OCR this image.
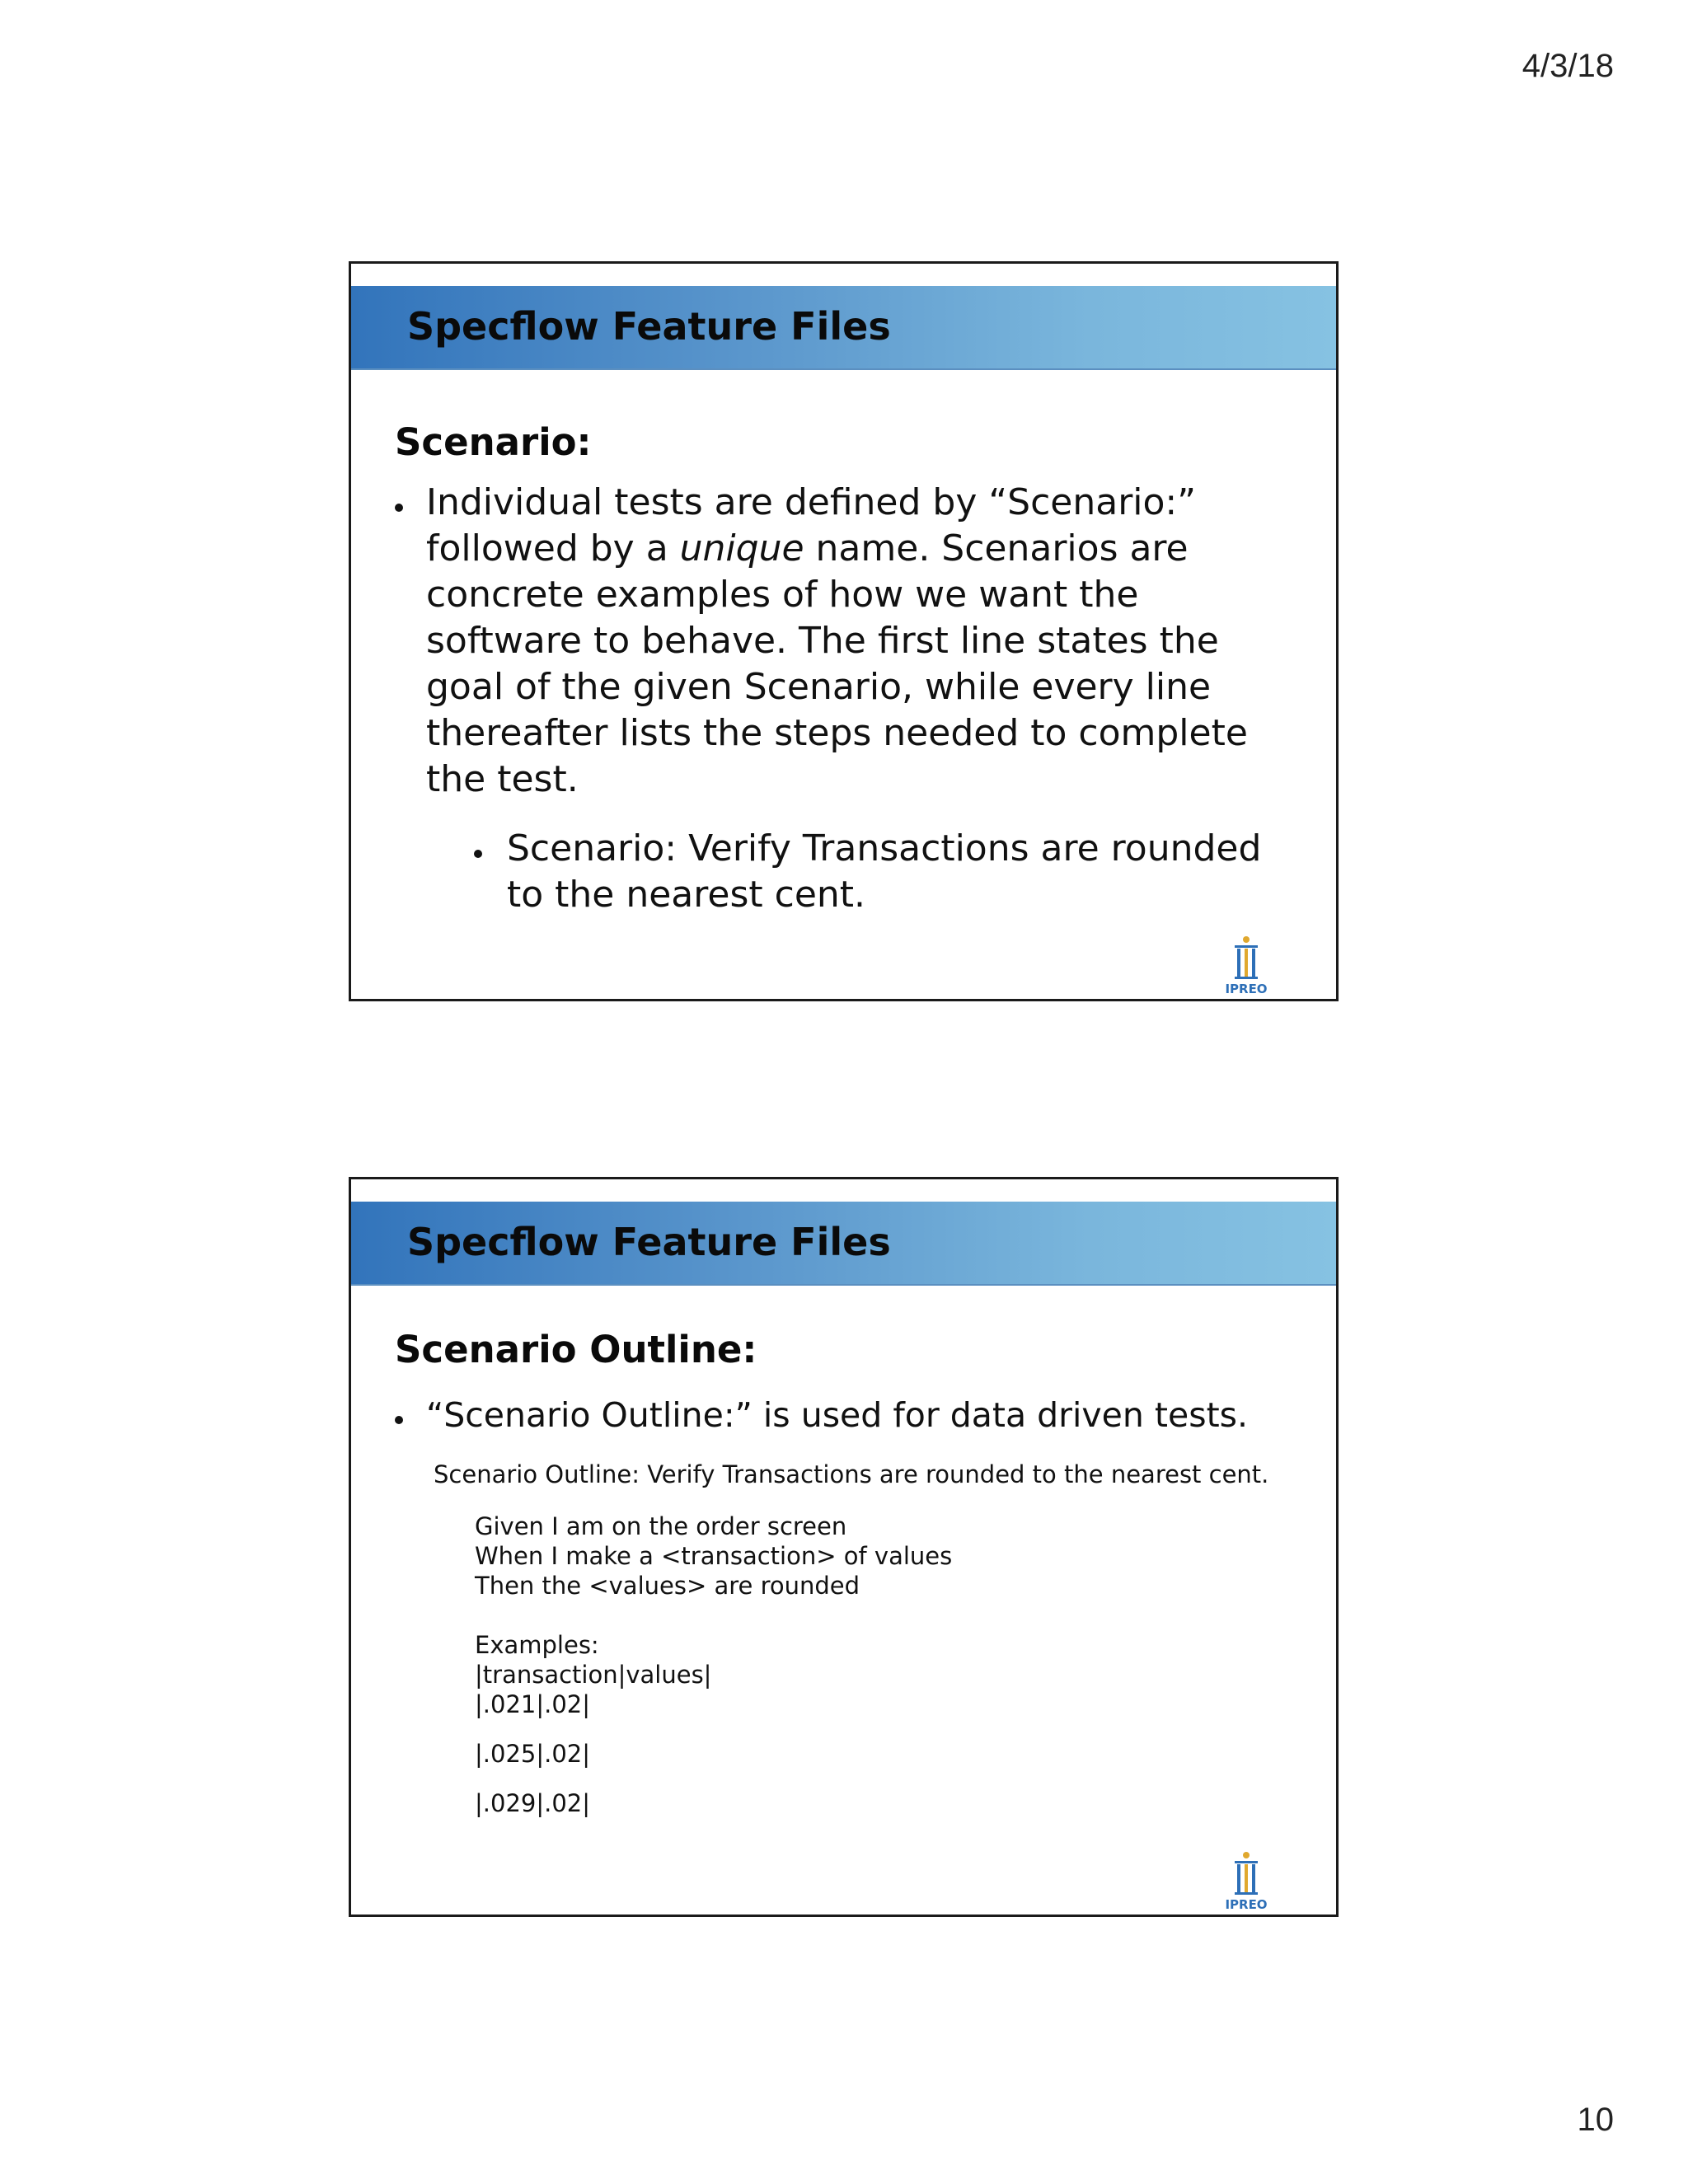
4/3/18
Specflow Feature Files
Scenario:
Individual tests are defined by “Scenario:”
followed by a unique name. Scenarios are
concrete examples of how we want the
software to behave. The first line states the
goal of the given Scenario, while every line
thereafter lists the steps needed to complete
the test.
Scenario: Verify Transactions are rounded
to the nearest cent.
IPREO
Specflow Feature Files
Scenario Outline:
“Scenario Outline:” is used for data driven tests.
Scenario Outline: Verify Transactions are rounded to the nearest cent.
Given I am on the order screen
When I make a <transaction> of values
Then the <values> are rounded
Examples:
|transaction|values|
|.021|.02|
|.025|.02|
|.029|.02|
IPREO
10
